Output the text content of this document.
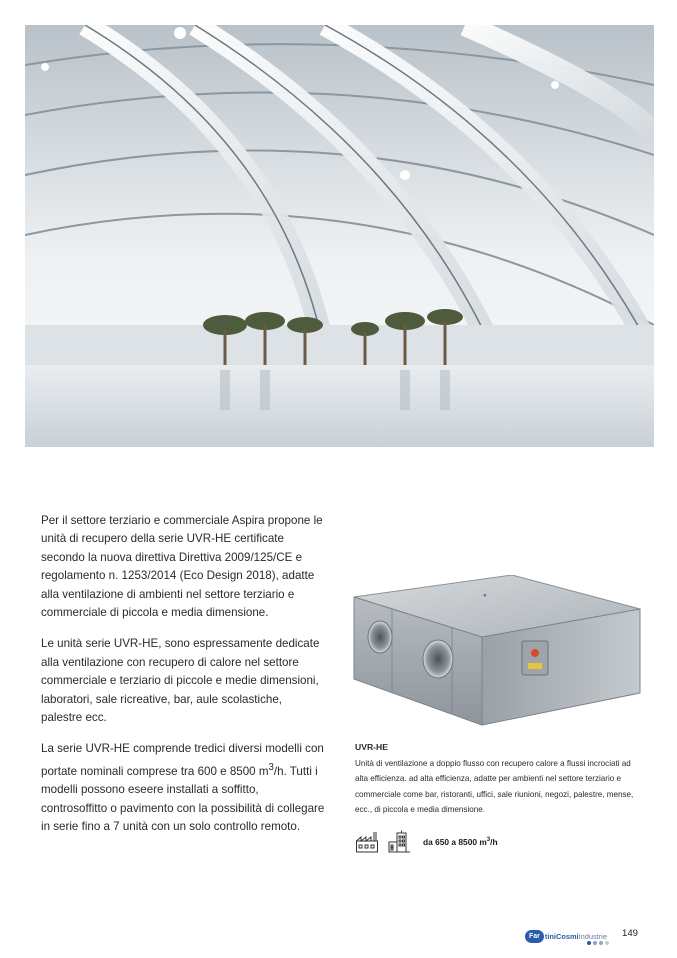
Per il settore terziario e commerciale Aspira propone le unità di recupero della serie UVR-HE certificate secondo la nuova direttiva Direttiva 2009/125/CE e regolamento n. 1253/2014 (Eco Design 2018), adatte alla ventilazione di ambienti nel settore terziario e commerciale di piccola e media dimensione.

Le unità serie UVR-HE, sono espressamente dedicate alla ventilazione con recupero di calore nel settore commerciale e terziario di piccole e medie dimensioni, laboratori, sale ricreative, bar, aule scolastiche, palestre ecc.

La serie UVR-HE comprende tredici diversi modelli con portate nominali comprese tra 600 e 8500 $m^3/h$. Tutti i modelli possono eseere installati a soffitto, controsoffitto o pavimento con la possibilità di collegare in serie fino a 7 unità con un solo controllo remoto.

✦
UVR-HE
Unità di ventilazione a doppio flusso con recupero calore a flussi incrociati ad alta efficienza. ad alta efficienza, adatte per ambienti nel settore terziario e commerciale come bar, ristoranti, uffici, sale riunioni, negozi, palestre, mense, ecc., di piccola e media dimensione.
da 650 a 8500 $m^3/h$
Far tiniCosmiIndustrie 149
